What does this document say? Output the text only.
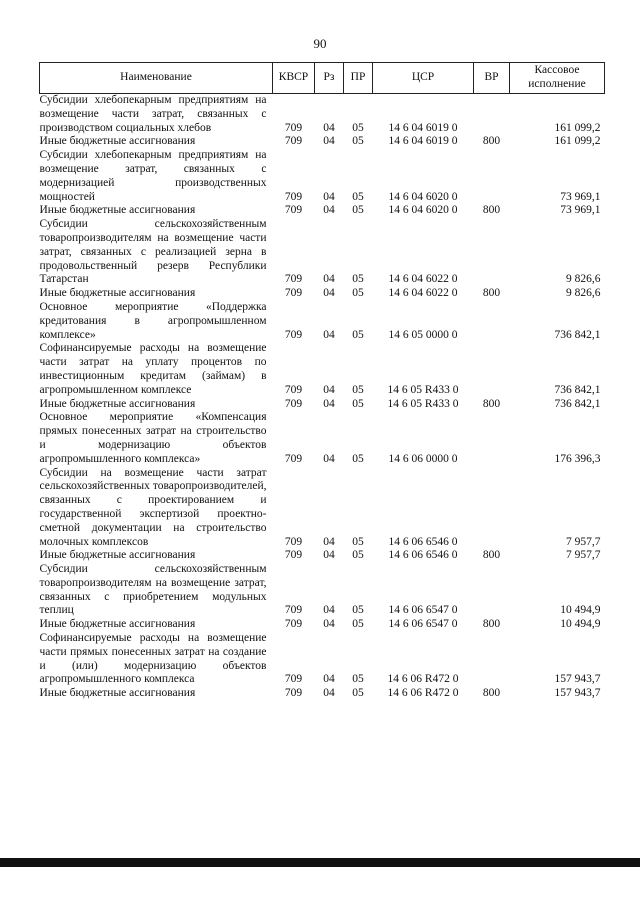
90
Наименование	КВСР	Рз	ПР	ЦСР	ВР	Кассовое исполнение
Субсидии хлебопекарным предприятиям на возмещение части затрат, связанных с производством социальных хлебов	709	04	05	14 6 04 6019 0		161 099,2
Иные бюджетные ассигнования	709	04	05	14 6 04 6019 0	800	161 099,2
Субсидии хлебопекарным предприятиям на возмещение затрат, связанных с модернизацией производственных мощностей	709	04	05	14 6 04 6020 0		73 969,1
Иные бюджетные ассигнования	709	04	05	14 6 04 6020 0	800	73 969,1
Субсидии сельскохозяйственным товаропроизводителям на возмещение части затрат, связанных с реализацией зерна в продовольственный резерв Республики Татарстан	709	04	05	14 6 04 6022 0		9 826,6
Иные бюджетные ассигнования	709	04	05	14 6 04 6022 0	800	9 826,6
Основное мероприятие «Поддержка кредитования в агропромышленном комплексе»	709	04	05	14 6 05 0000 0		736 842,1
Софинансируемые расходы на возмещение части затрат на уплату процентов по инвестиционным кредитам (займам) в агропромышленном комплексе	709	04	05	14 6 05 R433 0		736 842,1
Иные бюджетные ассигнования	709	04	05	14 6 05 R433 0	800	736 842,1
Основное мероприятие «Компенсация прямых понесенных затрат на строительство и модернизацию объектов агропромышленного комплекса»	709	04	05	14 6 06 0000 0		176 396,3
Субсидии на возмещение части затрат сельскохозяйственных товаропроизводителей, связанных с проектированием и государственной экспертизой проектно-сметной документации на строительство молочных комплексов	709	04	05	14 6 06 6546 0		7 957,7
Иные бюджетные ассигнования	709	04	05	14 6 06 6546 0	800	7 957,7
Субсидии сельскохозяйственным товаропроизводителям на возмещение затрат, связанных с приобретением модульных теплиц	709	04	05	14 6 06 6547 0		10 494,9
Иные бюджетные ассигнования	709	04	05	14 6 06 6547 0	800	10 494,9
Софинансируемые расходы на возмещение части прямых понесенных затрат на создание и (или) модернизацию объектов агропромышленного комплекса	709	04	05	14 6 06 R472 0		157 943,7
Иные бюджетные ассигнования	709	04	05	14 6 06 R472 0	800	157 943,7
